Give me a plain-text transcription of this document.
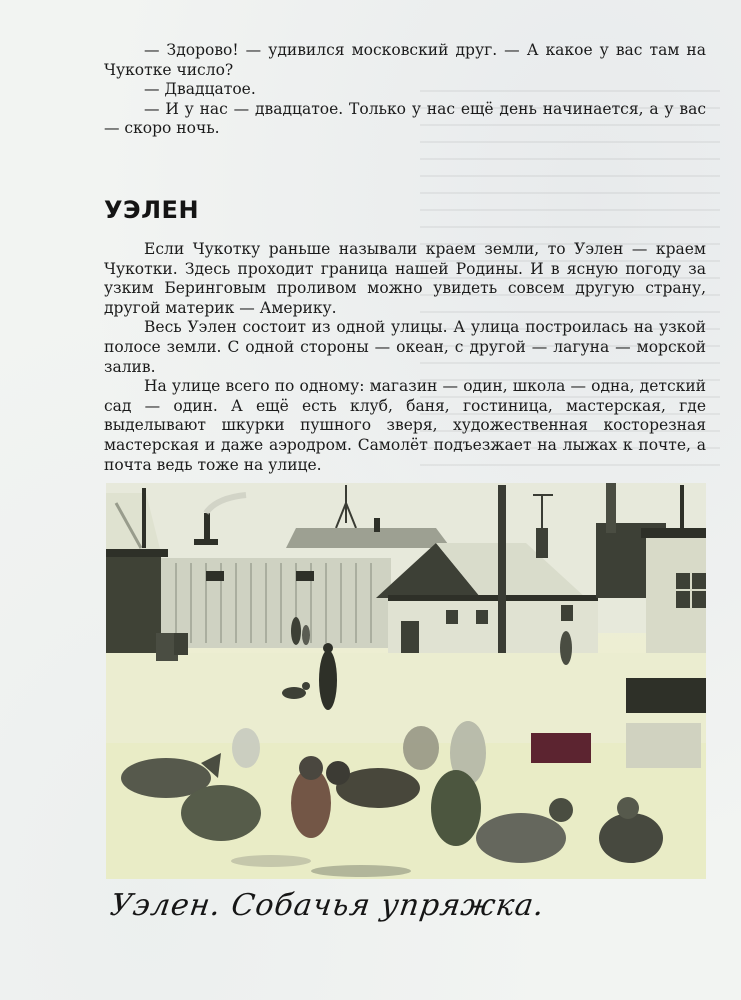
— Здорово! — удивился московский друг. — А какое у вас там на Чукотке число?

— Двадцатое.

— И у нас — двадцатое. Только у нас ещё день начинается, а у вас — скоро ночь.

УЭЛЕН

Если Чукотку раньше называли краем земли, то Уэлен — краем Чукотки. Здесь проходит граница нашей Родины. И в ясную погоду за узким Беринговым проливом можно увидеть совсем другую страну, другой материк — Америку.

Весь Уэлен состоит из одной улицы. А улица построилась на узкой полосе земли. С одной стороны — океан, с другой — лагуна — морской залив.

На улице всего по одному: магазин — один, школа — одна, детский сад — один. А ещё есть клуб, баня, гостиница, мастерская, где выделывают шкурки пушного зверя, художественная косторезная мастерская и даже аэродром. Самолёт подъезжает на лыжах к почте, а почта ведь тоже на улице.

Уэлен. Собачья упряжка.
